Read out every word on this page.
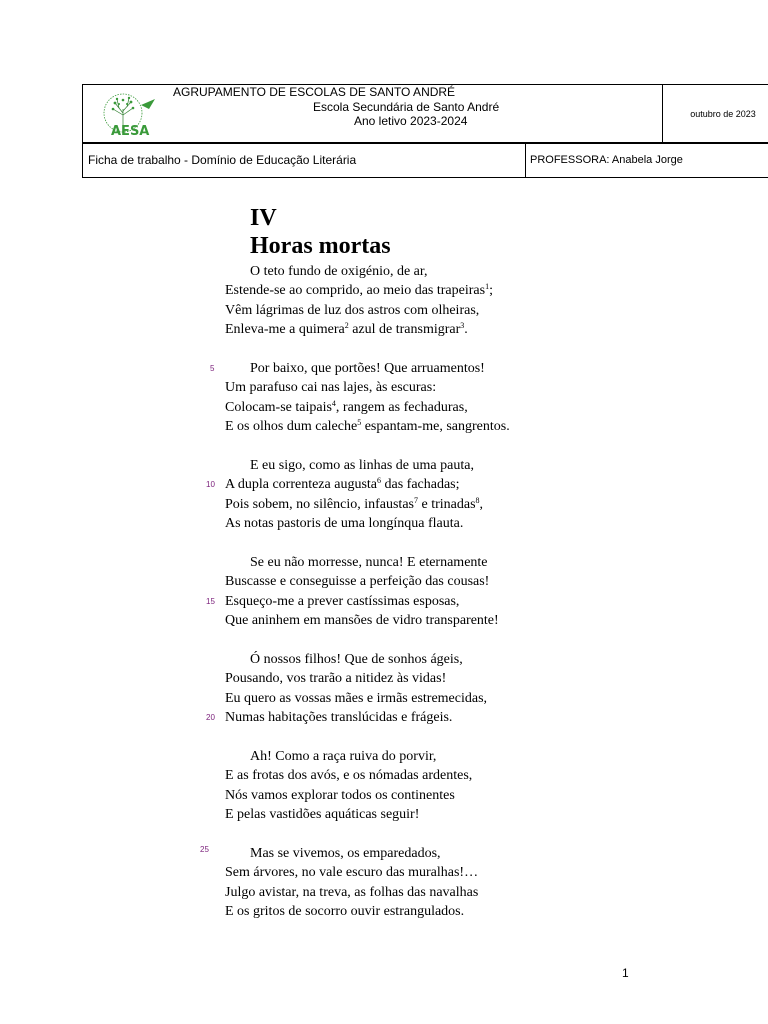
AESA
AGRUPAMENTO DE ESCOLAS DE SANTO ANDRÉ
Escola Secundária de Santo André
Ano letivo 2023-2024	outubro de 2023
Ficha de trabalho - Domínio de Educação Literária	PROFESSORA: Anabela Jorge
IV
Horas mortas
O teto fundo de oxigénio, de ar,
Estende-se ao comprido, ao meio das trapeiras$^1$;
Vêm lágrimas de luz dos astros com olheiras,
Enleva-me a quimera$^2$ azul de transmigrar$^3$.
Por baixo, que portões! Que arruamentos!
Um parafuso cai nas lajes, às escuras:
Colocam-se taipais$^4$, rangem as fechaduras,
E os olhos dum caleche$^5$ espantam-me, sangrentos.
E eu sigo, como as linhas de uma pauta,
A dupla correnteza augusta$^6$ das fachadas;
Pois sobem, no silêncio, infaustas$^7$ e trinadas$^8$,
As notas pastoris de uma longínqua flauta.
Se eu não morresse, nunca! E eternamente
Buscasse e conseguisse a perfeição das cousas!
Esqueço-me a prever castíssimas esposas,
Que aninhem em mansões de vidro transparente!
Ó nossos filhos! Que de sonhos ágeis,
Pousando, vos trarão a nitidez às vidas!
Eu quero as vossas mães e irmãs estremecidas,
Numas habitações translúcidas e frágeis.
Ah! Como a raça ruiva do porvir,
E as frotas dos avós, e os nómadas ardentes,
Nós vamos explorar todos os continentes
E pelas vastidões aquáticas seguir!
Mas se vivemos, os emparedados,
Sem árvores, no vale escuro das muralhas!…
Julgo avistar, na treva, as folhas das navalhas
E os gritos de socorro ouvir estrangulados.
5
10
15
20
25
1
